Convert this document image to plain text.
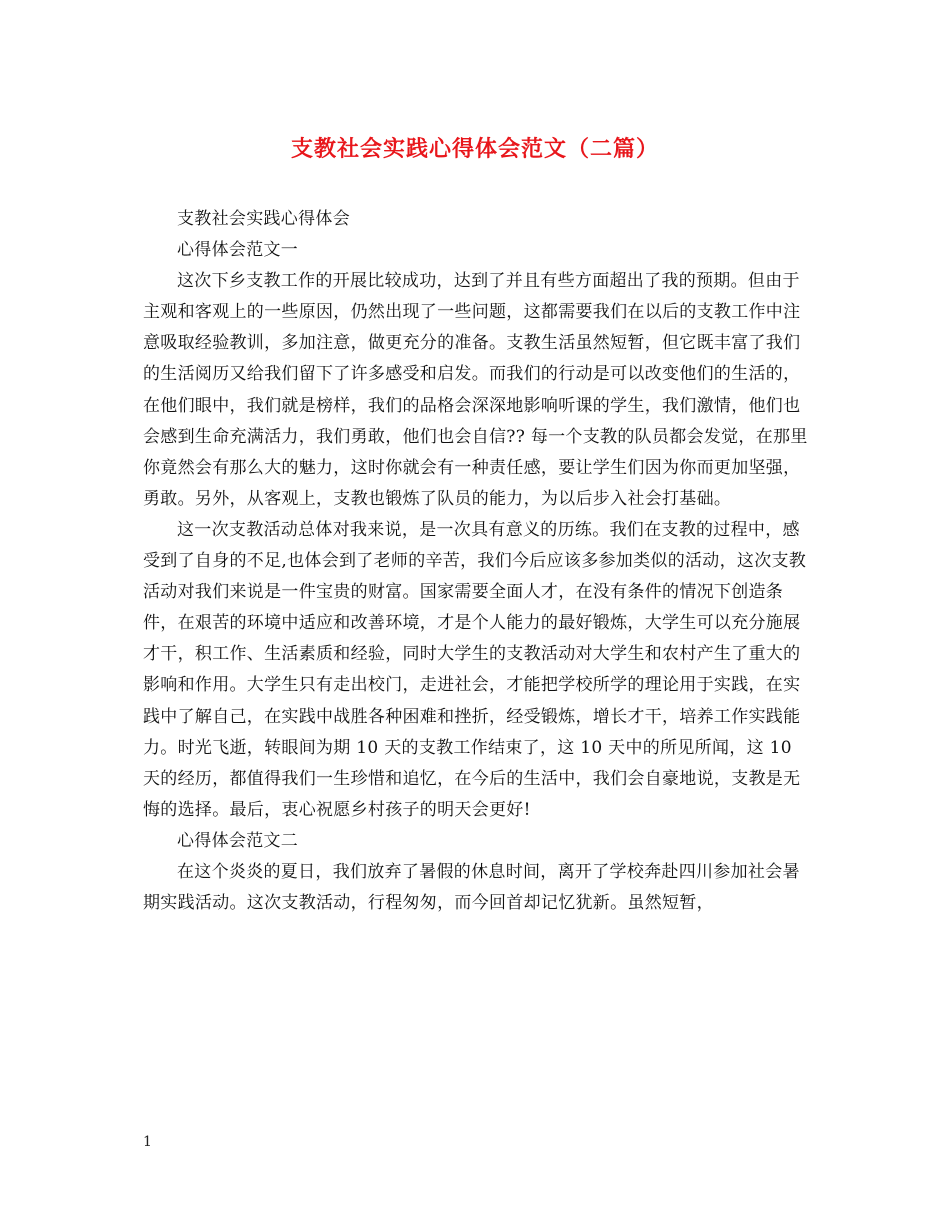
支教社会实践心得体会范文（二篇）

支教社会实践心得体会

心得体会范文一

这次下乡支教工作的开展比较成功，达到了并且有些方面超出了我的预期。但由于主观和客观上的一些原因，仍然出现了一些问题，这都需要我们在以后的支教工作中注意吸取经验教训，多加注意，做更充分的准备。支教生活虽然短暂，但它既丰富了我们的生活阅历又给我们留下了许多感受和启发。而我们的行动是可以改变他们的生活的，在他们眼中，我们就是榜样，我们的品格会深深地影响听课的学生，我们激情，他们也会感到生命充满活力，我们勇敢，他们也会自信?? 每一个支教的队员都会发觉，在那里你竟然会有那么大的魅力，这时你就会有一种责任感，要让学生们因为你而更加坚强，勇敢。另外，从客观上，支教也锻炼了队员的能力，为以后步入社会打基础。

这一次支教活动总体对我来说，是一次具有意义的历练。我们在支教的过程中，感受到了自身的不足,也体会到了老师的辛苦，我们今后应该多参加类似的活动，这次支教活动对我们来说是一件宝贵的财富。国家需要全面人才，在没有条件的情况下创造条件，在艰苦的环境中适应和改善环境，才是个人能力的最好锻炼，大学生可以充分施展才干，积工作、生活素质和经验，同时大学生的支教活动对大学生和农村产生了重大的影响和作用。大学生只有走出校门，走进社会，才能把学校所学的理论用于实践，在实践中了解自己，在实践中战胜各种困难和挫折，经受锻炼，增长才干，培养工作实践能力。时光飞逝，转眼间为期 10 天的支教工作结束了，这 10 天中的所见所闻，这 10 天的经历，都值得我们一生珍惜和追忆，在今后的生活中，我们会自豪地说，支教是无悔的选择。最后，衷心祝愿乡村孩子的明天会更好!

心得体会范文二

在这个炎炎的夏日，我们放弃了暑假的休息时间，离开了学校奔赴四川参加社会暑期实践活动。这次支教活动，行程匆匆，而今回首却记忆犹新。虽然短暂，

1
